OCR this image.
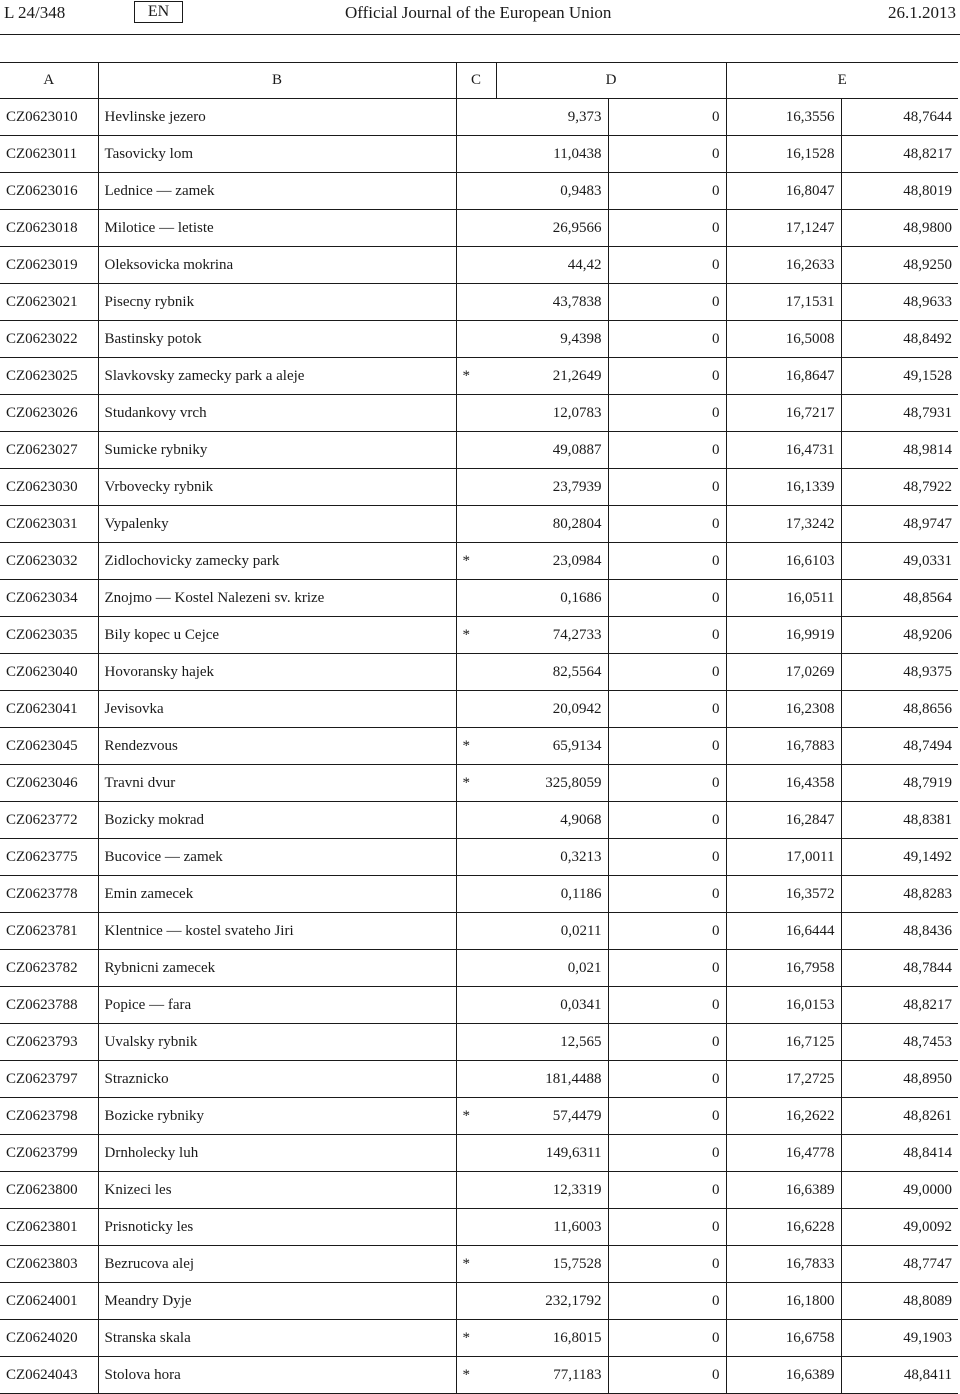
L 24/348	EN	Official Journal of the European Union	26.1.2013
A	B	C	D		E	
CZ0623010	Hevlinske jezero		9,373	0	16,3556	48,7644
CZ0623011	Tasovicky lom		11,0438	0	16,1528	48,8217
CZ0623016	Lednice — zamek		0,9483	0	16,8047	48,8019
CZ0623018	Milotice — letiste		26,9566	0	17,1247	48,9800
CZ0623019	Oleksovicka mokrina		44,42	0	16,2633	48,9250
CZ0623021	Pisecny rybnik		43,7838	0	17,1531	48,9633
CZ0623022	Bastinsky potok		9,4398	0	16,5008	48,8492
CZ0623025	Slavkovsky zamecky park a aleje	*	21,2649	0	16,8647	49,1528
CZ0623026	Studankovy vrch		12,0783	0	16,7217	48,7931
CZ0623027	Sumicke rybniky		49,0887	0	16,4731	48,9814
CZ0623030	Vrbovecky rybnik		23,7939	0	16,1339	48,7922
CZ0623031	Vypalenky		80,2804	0	17,3242	48,9747
CZ0623032	Zidlochovicky zamecky park	*	23,0984	0	16,6103	49,0331
CZ0623034	Znojmo — Kostel Nalezeni sv. krize		0,1686	0	16,0511	48,8564
CZ0623035	Bily kopec u Cejce	*	74,2733	0	16,9919	48,9206
CZ0623040	Hovoransky hajek		82,5564	0	17,0269	48,9375
CZ0623041	Jevisovka		20,0942	0	16,2308	48,8656
CZ0623045	Rendezvous	*	65,9134	0	16,7883	48,7494
CZ0623046	Travni dvur	*	325,8059	0	16,4358	48,7919
CZ0623772	Bozicky mokrad		4,9068	0	16,2847	48,8381
CZ0623775	Bucovice — zamek		0,3213	0	17,0011	49,1492
CZ0623778	Emin zamecek		0,1186	0	16,3572	48,8283
CZ0623781	Klentnice — kostel svateho Jiri		0,0211	0	16,6444	48,8436
CZ0623782	Rybnicni zamecek		0,021	0	16,7958	48,7844
CZ0623788	Popice — fara		0,0341	0	16,0153	48,8217
CZ0623793	Uvalsky rybnik		12,565	0	16,7125	48,7453
CZ0623797	Straznicko		181,4488	0	17,2725	48,8950
CZ0623798	Bozicke rybniky	*	57,4479	0	16,2622	48,8261
CZ0623799	Drnholecky luh		149,6311	0	16,4778	48,8414
CZ0623800	Knizeci les		12,3319	0	16,6389	49,0000
CZ0623801	Prisnoticky les		11,6003	0	16,6228	49,0092
CZ0623803	Bezrucova alej	*	15,7528	0	16,7833	48,7747
CZ0624001	Meandry Dyje		232,1792	0	16,1800	48,8089
CZ0624020	Stranska skala	*	16,8015	0	16,6758	49,1903
CZ0624043	Stolova hora	*	77,1183	0	16,6389	48,8411
